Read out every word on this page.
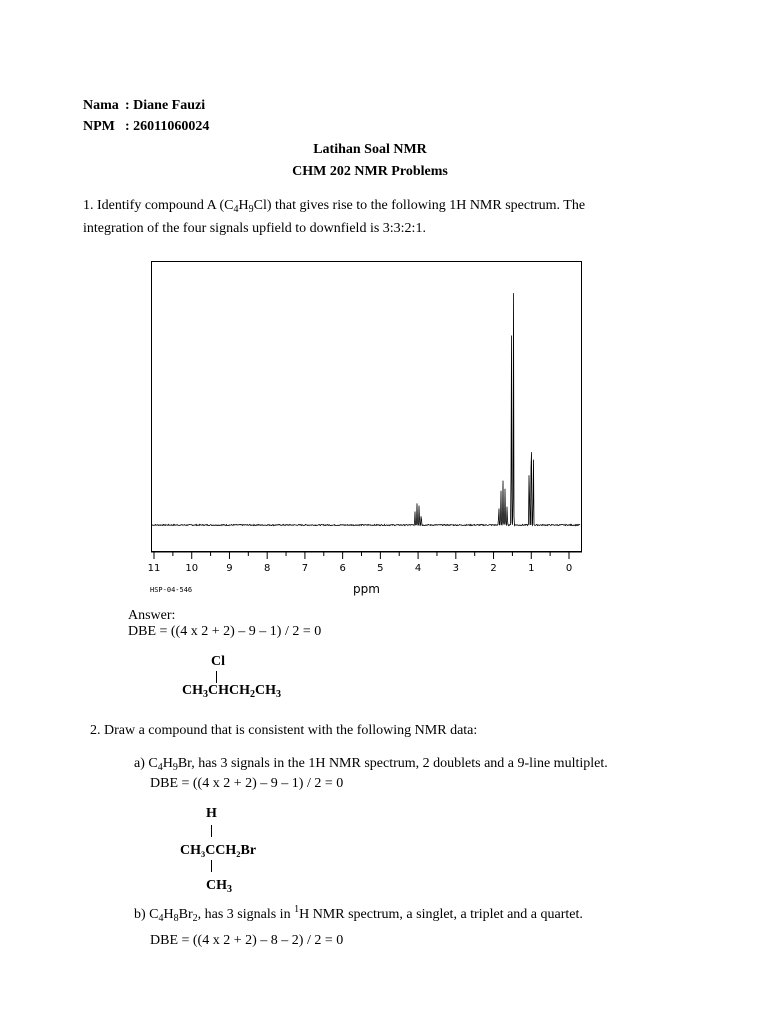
Nama : Diane Fauzi
NPM : 26011060024
Latihan Soal NMR
CHM 202 NMR Problems
1. Identify compound A $(C_4H_9Cl)$ that gives rise to the following 1H NMR spectrum. The
integration of the four signals upfield to downfield is 3:3:2:1.
11	10	9	8	7	6	5	4	3	2	1	0
HSP-04-546	ppm
Answer:
DBE = ((4 x 2 + 2) – 9 – 1) / 2 = 0
Cl
$CH_3CHCH_2CH_3$
2. Draw a compound that is consistent with the following NMR data:
a) $C_4H_9Br$, has 3 signals in the 1H NMR spectrum, 2 doublets and a 9-line multiplet.
DBE = ((4 x 2 + 2) – 9 – 1) / 2 = 0
H
CH₃CCH₂Br
$CH_3$
b) $C_4H_8Br_2$, has 3 signals in $^1$H NMR spectrum, a singlet, a triplet and a quartet.
DBE = ((4 x 2 + 2) – 8 – 2) / 2 = 0
